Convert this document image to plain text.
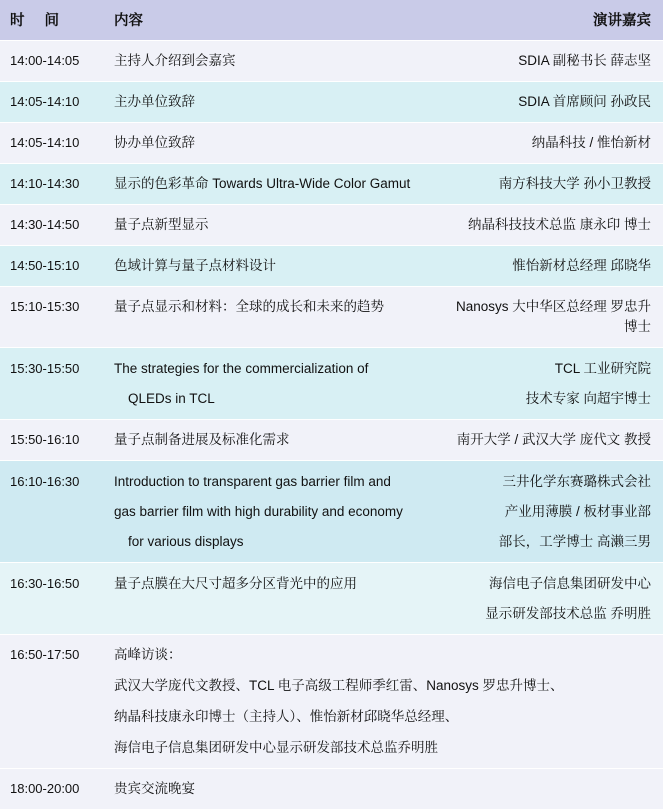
时 间	内容	演讲嘉宾
14:00-14:05	主持人介绍到会嘉宾	SDIA 副秘书长 薛志坚

14:05-14:10	主办单位致辞	SDIA 首席顾问 孙政民

14:05-14:10	协办单位致辞	纳晶科技 / 惟怡新材

14:10-14:30	显示的色彩革命 Towards Ultra-Wide Color Gamut	南方科技大学 孙小卫教授

14:30-14:50	量子点新型显示	纳晶科技技术总监 康永印 博士

14:50-15:10	色域计算与量子点材料设计	惟怡新材总经理 邱晓华

15:10-15:30	量子点显示和材料：全球的成长和未来的趋势	Nanosys 大中华区总经理 罗忠升博士

15:30-15:50	The strategies for the commercialization of
QLEDs in TCL	TCL 工业研究院
技术专家 向超宇博士

15:50-16:10	量子点制备进展及标准化需求	南开大学 / 武汉大学 庞代文 教授

16:10-16:30	Introduction to transparent gas barrier film and
gas barrier film with high durability and economy
for various displays	三井化学东赛璐株式会社
产业用薄膜 / 板材事业部
部长，工学博士 高濑三男

16:30-16:50	量子点膜在大尺寸超多分区背光中的应用	海信电子信息集团研发中心
显示研发部技术总监 乔明胜

16:50-17:50	高峰访谈：
武汉大学庞代文教授、TCL 电子高级工程师季红雷、Nanosys 罗忠升博士、
纳晶科技康永印博士（主持人）、惟怡新材邱晓华总经理、
海信电子信息集团研发中心显示研发部技术总监乔明胜	

18:00-20:00	贵宾交流晚宴	
